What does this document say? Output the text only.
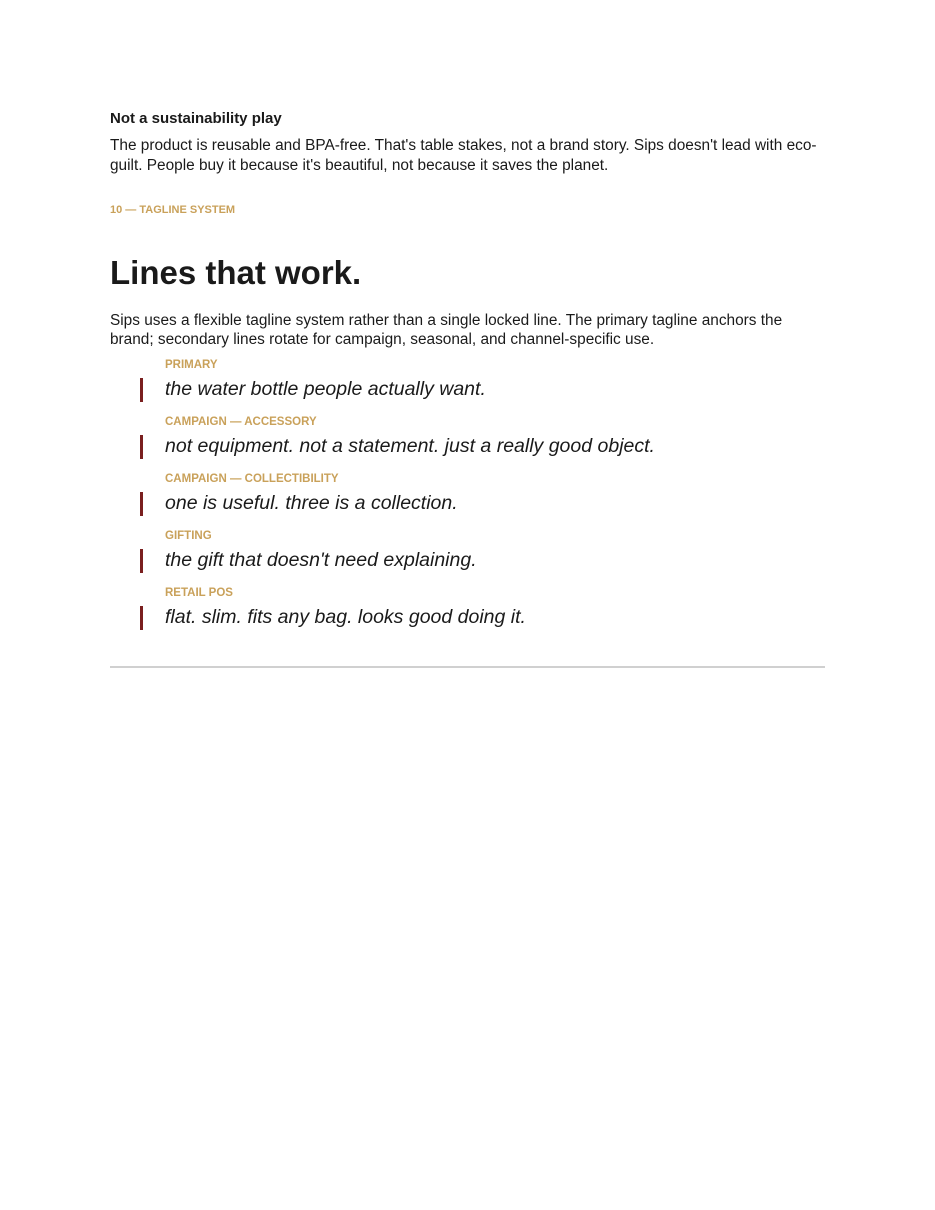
Not a sustainability play
The product is reusable and BPA-free. That's table stakes, not a brand story. Sips doesn't lead with eco-guilt. People buy it because it's beautiful, not because it saves the planet.
10 — TAGLINE SYSTEM
Lines that work.
Sips uses a flexible tagline system rather than a single locked line. The primary tagline anchors the brand; secondary lines rotate for campaign, seasonal, and channel-specific use.
PRIMARY
the water bottle people actually want.
CAMPAIGN — ACCESSORY
not equipment. not a statement. just a really good object.
CAMPAIGN — COLLECTIBILITY
one is useful. three is a collection.
GIFTING
the gift that doesn't need explaining.
RETAIL POS
flat. slim. fits any bag. looks good doing it.
